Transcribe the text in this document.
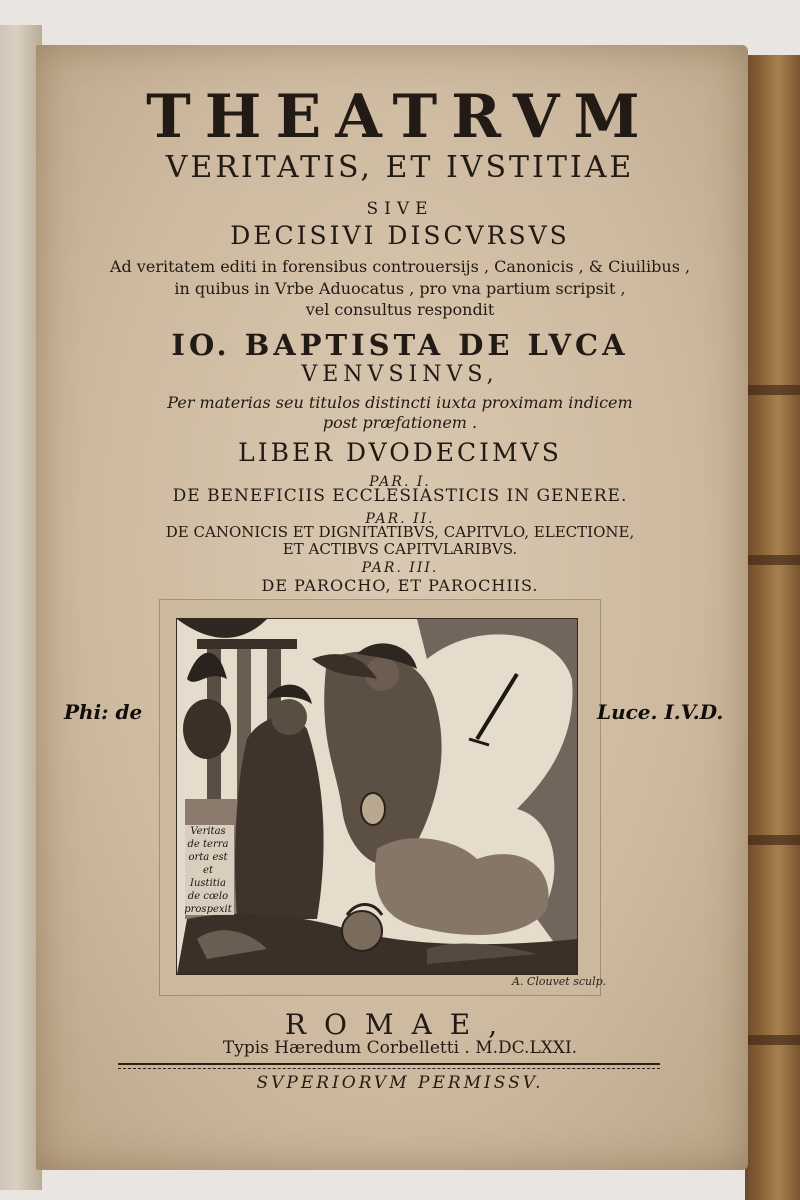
THEATRVM
VERITATIS, ET IVSTITIAE
SIVE
DECISIVI DISCVRSVS
Ad veritatem editi in forensibus controuersijs , Canonicis , & Ciuilibus ,
in quibus in Vrbe Aduocatus , pro vna partium scripsit ,
vel consultus respondit
IO. BAPTISTA DE LVCA
VENVSINVS,
Per materias seu titulos distincti iuxta proximam indicem
post præfationem .
LIBER DVODECIMVS
PAR. I.
DE BENEFICIIS ECCLESIASTICIS IN GENERE.
PAR. II.
DE CANONICIS ET DIGNITATIBVS, CAPITVLO, ELECTIONE,
ET ACTIBVS CAPITVLARIBVS.
PAR. III.
DE PAROCHO, ET PAROCHIIS.
Veritas
de terra
orta est
et
Iustitia
de cœlo
prospexit
A. Clouvet sculp.
Phi: de	Luce. I.V.D.
ROMAE,
Typis Hæredum Corbelletti . M.DC.LXXI.
SVPERIORVM PERMISSV.
